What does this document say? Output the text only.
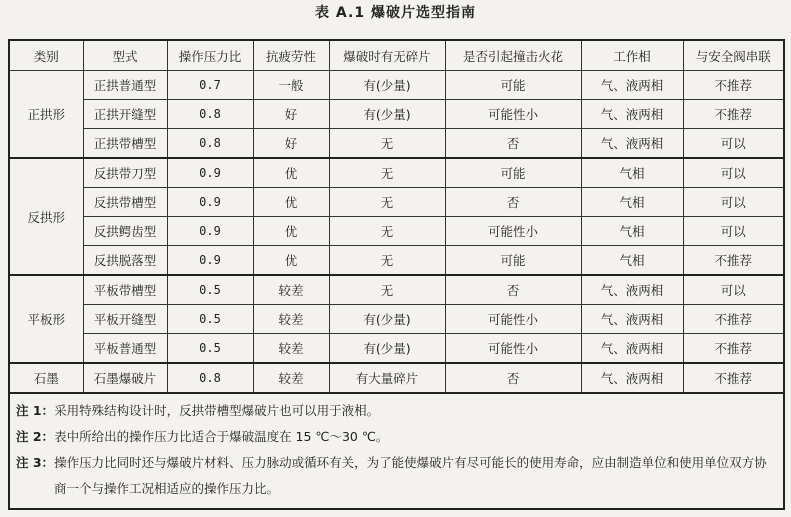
表 A.1 爆破片选型指南
类别	型式	操作压力比	抗疲劳性	爆破时有无碎片	是否引起撞击火花	工作相	与安全阀串联
正拱形	正拱普通型	0.7	一般	有(少量)	可能	气、液两相	不推荐
	正拱开缝型	0.8	好	有(少量)	可能性小	气、液两相	不推荐
	正拱带槽型	0.8	好	无	否	气、液两相	可以
反拱形	反拱带刀型	0.9	优	无	可能	气相	可以
	反拱带槽型	0.9	优	无	否	气相	可以
	反拱鳄齿型	0.9	优	无	可能性小	气相	可以
	反拱脱落型	0.9	优	无	可能	气相	不推荐
平板形	平板带槽型	0.5	较差	无	否	气、液两相	可以
	平板开缝型	0.5	较差	有(少量)	可能性小	气、液两相	不推荐
	平板普通型	0.5	较差	有(少量)	可能性小	气、液两相	不推荐
石墨	石墨爆破片	0.8	较差	有大量碎片	否	气、液两相	不推荐

注 1：采用特殊结构设计时，反拱带槽型爆破片也可以用于液相。
注 2：表中所给出的操作压力比适合于爆破温度在 15 ℃～30 ℃。
注 3：操作压力比同时还与爆破片材料、压力脉动或循环有关，为了能使爆破片有尽可能长的使用寿命，应由制造单位和使用单位双方协商一个与操作工况相适应的操作压力比。							
